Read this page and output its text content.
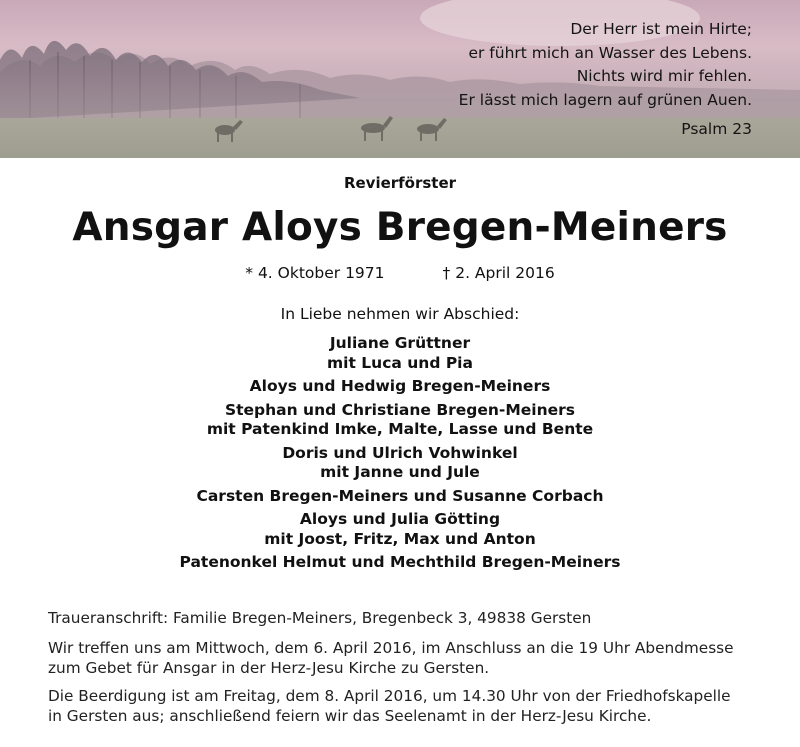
Der Herr ist mein Hirte;
er führt mich an Wasser des Lebens.
Nichts wird mir fehlen.
Er lässt mich lagern auf grünen Auen.
Psalm 23
Revierförster
Ansgar Aloys Bregen-Meiners
* 4. Oktober 1971	† 2. April 2016
In Liebe nehmen wir Abschied:
Juliane Grüttner
mit Luca und Pia
Aloys und Hedwig Bregen-Meiners
Stephan und Christiane Bregen-Meiners
mit Patenkind Imke, Malte, Lasse und Bente
Doris und Ulrich Vohwinkel
mit Janne und Jule
Carsten Bregen-Meiners und Susanne Corbach
Aloys und Julia Götting
mit Joost, Fritz, Max und Anton
Patenonkel Helmut und Mechthild Bregen-Meiners
Traueranschrift: Familie Bregen-Meiners, Bregenbeck 3, 49838 Gersten
Wir treffen uns am Mittwoch, dem 6. April 2016, im Anschluss an die 19 Uhr Abendmesse
zum Gebet für Ansgar in der Herz-Jesu Kirche zu Gersten.
Die Beerdigung ist am Freitag, dem 8. April 2016, um 14.30 Uhr von der Friedhofskapelle
in Gersten aus; anschließend feiern wir das Seelenamt in der Herz-Jesu Kirche.
